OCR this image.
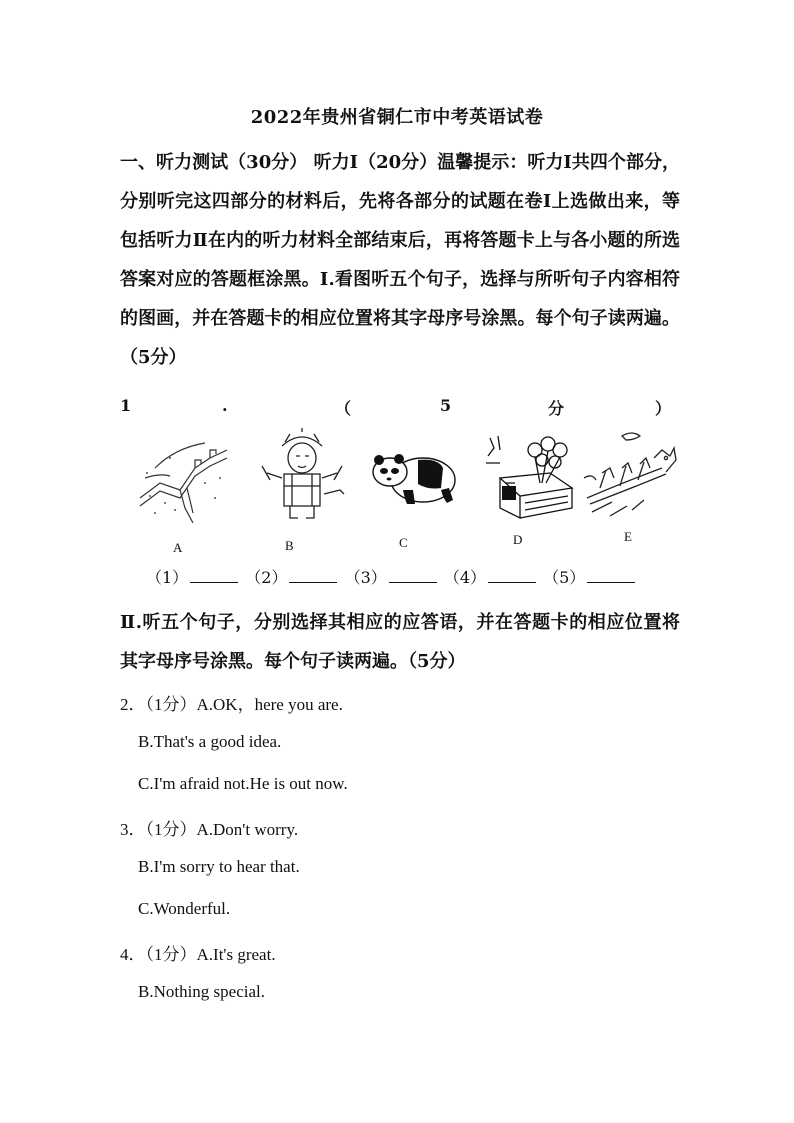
2022年贵州省铜仁市中考英语试卷
一、听力测试（30分） 听力Ⅰ（20分）温馨提示：听力Ⅰ共四个部分，分别听完这四部分的材料后，先将各部分的试题在卷Ⅰ上选做出来，等包括听力Ⅱ在内的听力材料全部结束后，再将答题卡上与各小题的所选答案对应的答题框涂黑。Ⅰ.看图听五个句子，选择与所听句子内容相符的图画，并在答题卡的相应位置将其字母序号涂黑。每个句子读两遍。（5分）
1	.	（	5	分	）
A	B	C	D	E
（1）	（2）	（3）	（4）	（5）
Ⅱ.听五个句子，分别选择其相应的应答语，并在答题卡的相应位置将其字母序号涂黑。每个句子读两遍。（5分）
2．（1分）A.OK，here you are.
B.That's a good idea.
C.I'm afraid not.He is out now.
3．（1分）A.Don't worry.
B.I'm sorry to hear that.
C.Wonderful.
4．（1分）A.It's great.
B.Nothing special.
